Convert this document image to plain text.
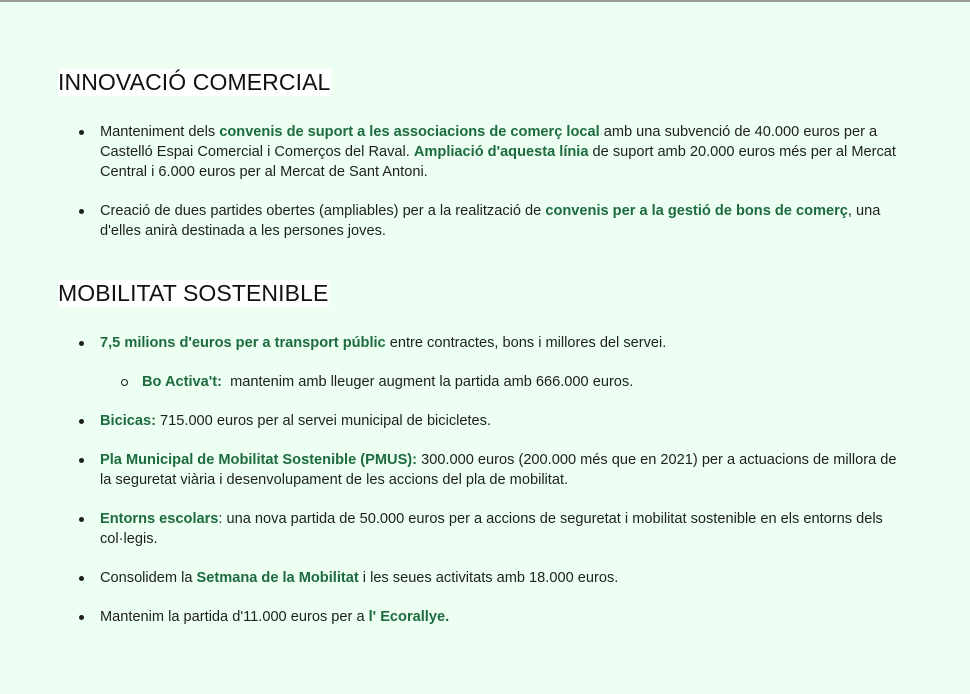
INNOVACIÓ COMERCIAL
Manteniment dels convenis de suport a les associacions de comerç local amb una subvenció de 40.000 euros per a Castelló Espai Comercial i Comerços del Raval. Ampliació d'aquesta línia de suport amb 20.000 euros més per al Mercat Central i 6.000 euros per al Mercat de Sant Antoni.
Creació de dues partides obertes (ampliables) per a la realització de convenis per a la gestió de bons de comerç, una d'elles anirà destinada a les persones joves.
MOBILITAT SOSTENIBLE
7,5 milions d'euros per a transport públic entre contractes, bons i millores del servei.
Bo Activa't:  mantenim amb lleuger augment la partida amb 666.000 euros.
Bicicas: 715.000 euros per al servei municipal de bicicletes.
Pla Municipal de Mobilitat Sostenible (PMUS): 300.000 euros (200.000 més que en 2021) per a actuacions de millora de la seguretat viària i desenvolupament de les accions del pla de mobilitat.
Entorns escolars: una nova partida de 50.000 euros per a accions de seguretat i mobilitat sostenible en els entorns dels col·legis.
Consolidem la Setmana de la Mobilitat i les seues activitats amb 18.000 euros.
Mantenim la partida d'11.000 euros per a l' Ecorallye.
